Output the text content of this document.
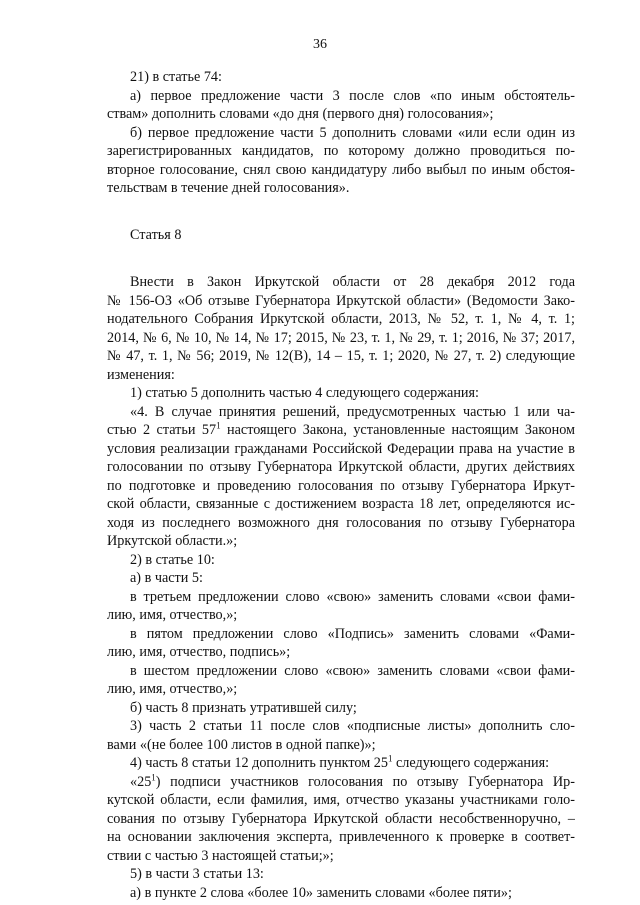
36
21) в статье 74:
а) первое предложение части 3 после слов «по иным обстоятель-
ствам» дополнить словами «до дня (первого дня) голосования»;
б) первое предложение части 5 дополнить словами «или если один из
зарегистрированных кандидатов, по которому должно проводиться по-
вторное голосование, снял свою кандидатуру либо выбыл по иным обстоя-
тельствам в течение дней голосования».
Статья 8
Внести в Закон Иркутской области от 28 декабря 2012 года
№ 156-ОЗ «Об отзыве Губернатора Иркутской области» (Ведомости Зако-
нодательного Собрания Иркутской области, 2013, № 52, т. 1, № 4, т. 1;
2014, № 6, № 10, № 14, № 17; 2015, № 23, т. 1, № 29, т. 1; 2016, № 37; 2017,
№ 47, т. 1, № 56; 2019, № 12(В), 14 – 15, т. 1; 2020, № 27, т. 2) следующие
изменения:
1) статью 5 дополнить частью 4 следующего содержания:
«4. В случае принятия решений, предусмотренных частью 1 или ча-
стью 2 статьи $57^1$ настоящего Закона, установленные настоящим Законом
условия реализации гражданами Российской Федерации права на участие в
голосовании по отзыву Губернатора Иркутской области, других действиях
по подготовке и проведению голосования по отзыву Губернатора Иркут-
ской области, связанные с достижением возраста 18 лет, определяются ис-
ходя из последнего возможного дня голосования по отзыву Губернатора
Иркутской области.»;
2) в статье 10:
а) в части 5:
в третьем предложении слово «свою» заменить словами «свои фами-
лию, имя, отчество,»;
в пятом предложении слово «Подпись» заменить словами «Фами-
лию, имя, отчество, подпись»;
в шестом предложении слово «свою» заменить словами «свои фами-
лию, имя, отчество,»;
б) часть 8 признать утратившей силу;
3) часть 2 статьи 11 после слов «подписные листы» дополнить сло-
вами «(не более 100 листов в одной папке)»;
4) часть 8 статьи 12 дополнить пунктом $25^1$ следующего содержания:
«$25^1$) подписи участников голосования по отзыву Губернатора Ир-
кутской области, если фамилия, имя, отчество указаны участниками голо-
сования по отзыву Губернатора Иркутской области несобственноручно, –
на основании заключения эксперта, привлеченного к проверке в соответ-
ствии с частью 3 настоящей статьи;»;
5) в части 3 статьи 13:
а) в пункте 2 слова «более 10» заменить словами «более пяти»;
